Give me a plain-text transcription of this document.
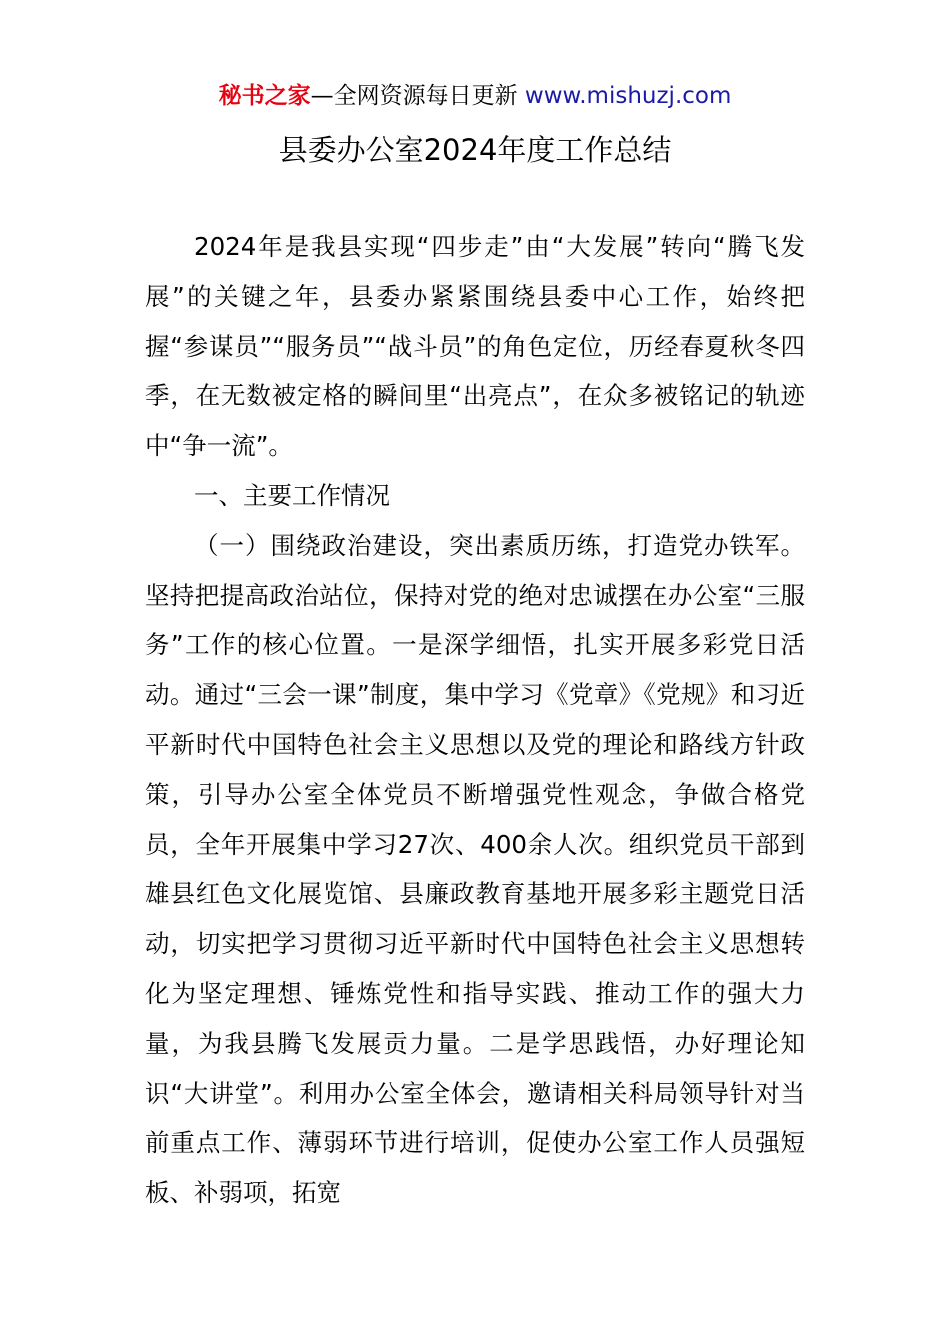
秘书之家—全网资源每日更新 www.mishuzj.com
县委办公室2024年度工作总结

2024年是我县实现“四步走”由“大发展”转向“腾飞发展”的关键之年，县委办紧紧围绕县委中心工作，始终把握“参谋员”“服务员”“战斗员”的角色定位，历经春夏秋冬四季，在无数被定格的瞬间里“出亮点”，在众多被铭记的轨迹中“争一流”。

一、主要工作情况

（一）围绕政治建设，突出素质历练，打造党办铁军。坚持把提高政治站位，保持对党的绝对忠诚摆在办公室“三服务”工作的核心位置。一是深学细悟，扎实开展多彩党日活动。通过“三会一课”制度，集中学习《党章》《党规》和习近平新时代中国特色社会主义思想以及党的理论和路线方针政策，引导办公室全体党员不断增强党性观念，争做合格党员，全年开展集中学习27次、400余人次。组织党员干部到雄县红色文化展览馆、县廉政教育基地开展多彩主题党日活动，切实把学习贯彻习近平新时代中国特色社会主义思想转化为坚定理想、锤炼党性和指导实践、推动工作的强大力量，为我县腾飞发展贡力量。二是学思践悟，办好理论知识“大讲堂”。利用办公室全体会，邀请相关科局领导针对当前重点工作、薄弱环节进行培训，促使办公室工作人员强短板、补弱项，拓宽
